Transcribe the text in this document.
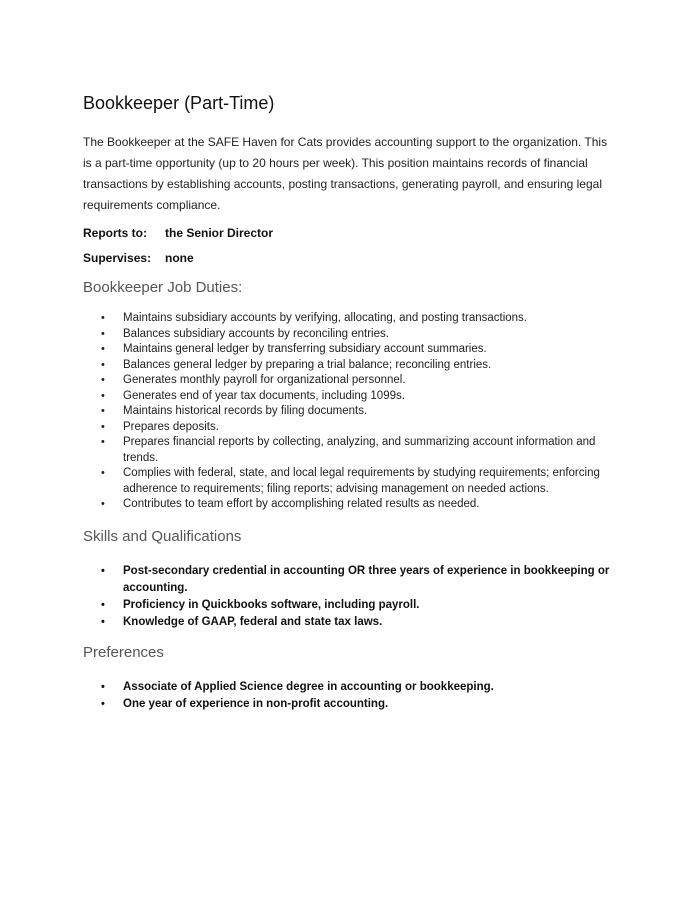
Bookkeeper (Part-Time)
The Bookkeeper at the SAFE Haven for Cats provides accounting support to the organization. This is a part-time opportunity (up to 20 hours per week). This position maintains records of financial transactions by establishing accounts, posting transactions, generating payroll, and ensuring legal requirements compliance.
Reports to:	the Senior Director
Supervises:	none
Bookkeeper Job Duties:
• Maintains subsidiary accounts by verifying, allocating, and posting transactions.
• Balances subsidiary accounts by reconciling entries.
• Maintains general ledger by transferring subsidiary account summaries.
• Balances general ledger by preparing a trial balance; reconciling entries.
• Generates monthly payroll for organizational personnel.
• Generates end of year tax documents, including 1099s.
• Maintains historical records by filing documents.
• Prepares deposits.
• Prepares financial reports by collecting, analyzing, and summarizing account information and trends.
• Complies with federal, state, and local legal requirements by studying requirements; enforcing adherence to requirements; filing reports; advising management on needed actions.
• Contributes to team effort by accomplishing related results as needed.
Skills and Qualifications
• Post-secondary credential in accounting OR three years of experience in bookkeeping or accounting.
• Proficiency in Quickbooks software, including payroll.
• Knowledge of GAAP, federal and state tax laws.
Preferences
• Associate of Applied Science degree in accounting or bookkeeping.
• One year of experience in non-profit accounting.
